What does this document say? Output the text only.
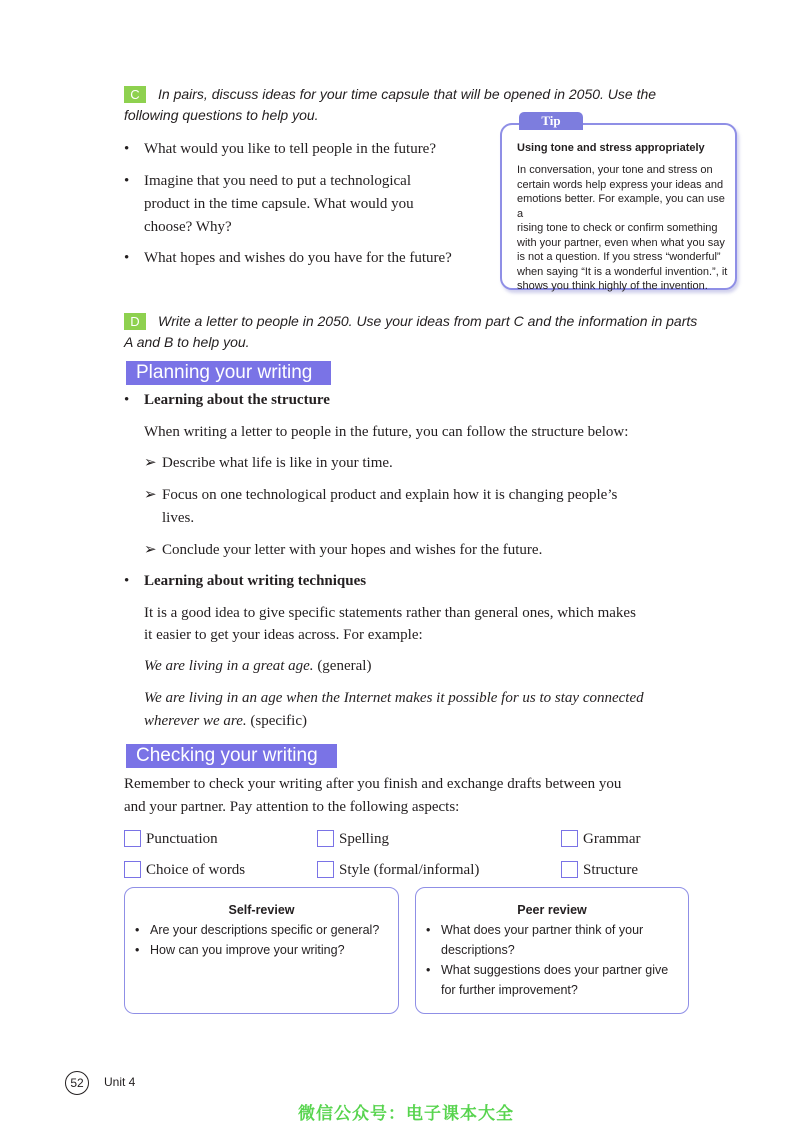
C	In pairs, discuss ideas for your time capsule that will be opened in 2050. Use the
following questions to help you.
• What would you like to tell people in the future?
• Imagine that you need to put a technological
product in the time capsule. What would you
choose? Why?
• What hopes and wishes do you have for the future?
Tip
Using tone and stress appropriately
In conversation, your tone and stress on
certain words help express your ideas and
emotions better. For example, you can use a
rising tone to check or confirm something
with your partner, even when what you say
is not a question. If you stress “wonderful”
when saying “It is a wonderful invention.”, it
shows you think highly of the invention.
D	Write a letter to people in 2050. Use your ideas from part C and the information in parts
A and B to help you.
Planning your writing
• Learning about the structure
When writing a letter to people in the future, you can follow the structure below:
➢ Describe what life is like in your time.
➢ Focus on one technological product and explain how it is changing people’s
lives.
➢ Conclude your letter with your hopes and wishes for the future.
• Learning about writing techniques
It is a good idea to give specific statements rather than general ones, which makes
it easier to get your ideas across. For example:
We are living in a great age. (general)
We are living in an age when the Internet makes it possible for us to stay connected
wherever we are. (specific)
Checking your writing
Remember to check your writing after you finish and exchange drafts between you
and your partner. Pay attention to the following aspects:
Punctuation	Spelling	Grammar
Choice of words	Style (formal/informal)	Structure
Self-review
• Are your descriptions specific or general?
• How can you improve your writing?
Peer review
• What does your partner think of your
descriptions?
• What suggestions does your partner give
for further improvement?
52	Unit 4
微信公众号：电子课本大全
